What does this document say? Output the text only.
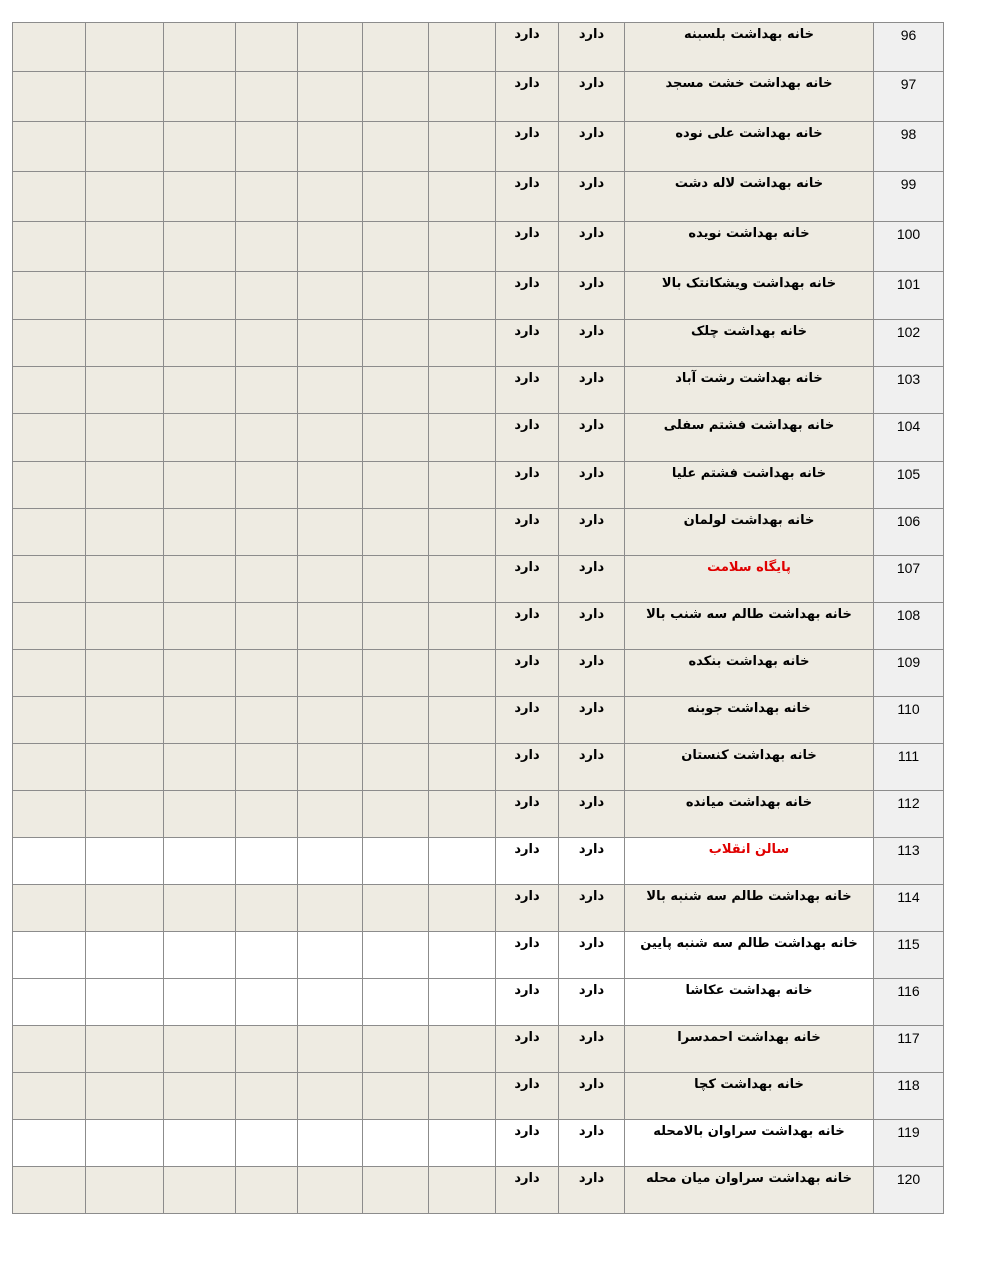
							دارد	دارد	خانه بهداشت بلسبنه	96
							دارد	دارد	خانه بهداشت خشت مسجد	97
							دارد	دارد	خانه بهداشت علی نوده	98
							دارد	دارد	خانه بهداشت لاله دشت	99
							دارد	دارد	خانه بهداشت نویده	100
							دارد	دارد	خانه بهداشت ویشکانتک بالا	101
							دارد	دارد	خانه بهداشت چلک	102
							دارد	دارد	خانه بهداشت رشت آباد	103
							دارد	دارد	خانه بهداشت فشتم سفلی	104
							دارد	دارد	خانه بهداشت فشتم علیا	105
							دارد	دارد	خانه بهداشت لولمان	106
							دارد	دارد	پایگاه سلامت	107
							دارد	دارد	خانه بهداشت طالم سه شنب بالا	108
							دارد	دارد	خانه بهداشت بنکده	109
							دارد	دارد	خانه بهداشت جوبنه	110
							دارد	دارد	خانه بهداشت کنستان	111
							دارد	دارد	خانه بهداشت میانده	112
							دارد	دارد	سالن انقلاب	113
							دارد	دارد	خانه بهداشت طالم سه شنبه بالا	114
							دارد	دارد	خانه بهداشت طالم سه شنبه پایین	115
							دارد	دارد	خانه بهداشت عکاشا	116
							دارد	دارد	خانه بهداشت احمدسرا	117
							دارد	دارد	خانه بهداشت کچا	118
							دارد	دارد	خانه بهداشت سراوان بالامحله	119
							دارد	دارد	خانه بهداشت سراوان میان محله	120
